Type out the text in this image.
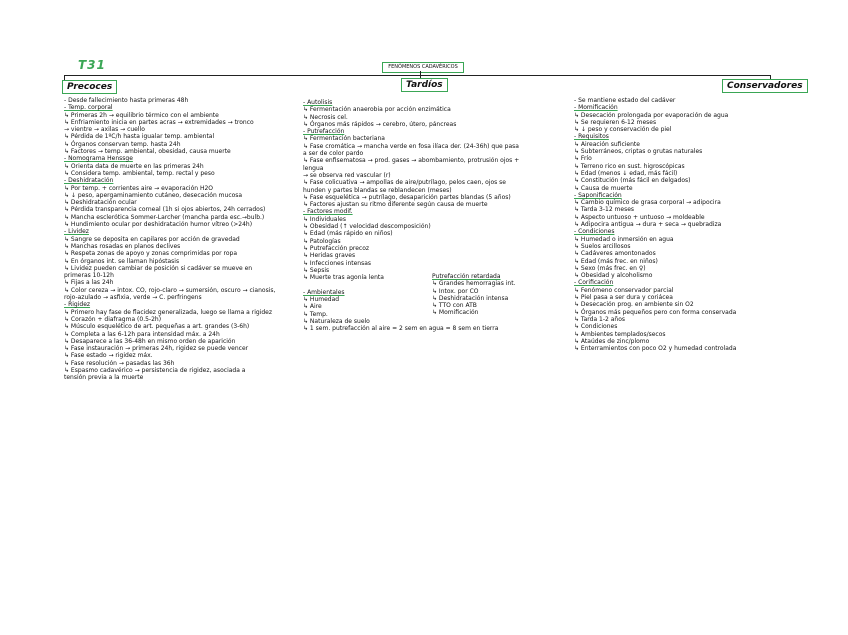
T31	FENÓMENOS CADAVÉRICOS
Precoces	Tardíos	Conservadores
- Desde fallecimiento hasta primeras 48h
- Temp. corporal
↳ Primeras 2h → equilibrio térmico con el ambiente
↳ Enfriamiento inicia en partes acras → extremidades → tronco
→ vientre → axilas → cuello
↳ Pérdida de 1ºC/h hasta igualar temp. ambiental
↳ Órganos conservan temp. hasta 24h
↳ Factores → temp. ambiental, obesidad, causa muerte
- Nomograma Henssge
↳ Orienta data de muerte en las primeras 24h
↳ Considera temp. ambiental, temp. rectal y peso
- Deshidratación
↳ Por temp. + corrientes aire → evaporación H2O
↳ ↓ peso, apergaminamiento cutáneo, desecación mucosa
↳ Deshidratación ocular
↳ Pérdida transparencia corneal (1h si ojos abiertos, 24h cerrados)
↳ Mancha esclerótica Sommer-Larcher (mancha parda esc.→bulb.)
↳ Hundimiento ocular por deshidratación humor vítreo (>24h)
- Lividez
↳ Sangre se deposita en capilares por acción de gravedad
↳ Manchas rosadas en planos declives
↳ Respeta zonas de apoyo y zonas comprimidas por ropa
↳ En órganos int. se llaman hipóstasis
↳ Lividez pueden cambiar de posición si cadáver se mueve en
primeras 10-12h
↳ Fijas a las 24h
↳ Color cereza → intox. CO, rojo-claro → sumersión, oscuro → cianosis,
rojo-azulado → asfixia, verde → C. perfringens
- Rigidez
↳ Primero hay fase de flacidez generalizada, luego se llama a rigidez
↳ Corazón + diafragma (0.5-2h)
↳ Músculo esquelético de art. pequeñas a art. grandes (3-6h)
↳ Completa a las 6-12h para intensidad máx. a 24h
↳ Desaparece a las 36-48h en mismo orden de aparición
↳ Fase instauración → primeras 24h, rigidez se puede vencer
↳ Fase estado → rigidez máx.
↳ Fase resolución → pasadas las 36h
↳ Espasmo cadavérico → persistencia de rigidez, asociada a
tensión previa a la muerte
- Autolisis
↳ Fermentación anaerobia por acción enzimática
↳ Necrosis cel.
↳ Órganos más rápidos → cerebro, útero, páncreas
- Putrefacción
↳ Fermentación bacteriana
↳ Fase cromática → mancha verde en fosa ilíaca der. (24-36h) que pasa
a ser de color pardo
↳ Fase enfisematosa → prod. gases → abombamiento, protrusión ojos +
lengua
→ se observa red vascular (r)
↳ Fase colicuativa → ampollas de aire/putrílago, pelos caen, ojos se
hunden y partes blandas se reblandecen (meses)
↳ Fase esquelética → putrílago, desaparición partes blandas (5 años)
↳ Factores ajustan su ritmo diferente según causa de muerte
- Factores modif.
↳ Individuales
↳ Obesidad (↑ velocidad descomposición)
↳ Edad (más rápido en niños)
↳ Patologías
↳ Putrefacción precoz
↳ Heridas graves
↳ Infecciones intensas
↳ Sepsis
↳ Muerte tras agonía lenta

- Ambientales
↳ Humedad
↳ Aire
↳ Temp.
↳ Naturaleza de suelo
↳ 1 sem. putrefacción al aire = 2 sem en agua = 8 sem en tierra
Putrefacción retardada
↳ Grandes hemorragias int.
↳ Intox. por CO
↳ Deshidratación intensa
↳ TTO con ATB
↳ Momificación
- Se mantiene estado del cadáver
- Momificación
↳ Desecación prolongada por evaporación de agua
↳ Se requieren 6-12 meses
↳ ↓ peso y conservación de piel
- Requisitos
↳ Aireación suficiente
↳ Subterráneos, criptas o grutas naturales
↳ Frío
↳ Terreno rico en sust. higroscópicas
↳ Edad (menos ↓ edad, más fácil)
↳ Constitución (más fácil en delgados)
↳ Causa de muerte
- Saponificación
↳ Cambio químico de grasa corporal → adipocira
↳ Tarda 3-12 meses
↳ Aspecto untuoso + untuoso → moldeable
↳ Adipocira antigua → dura + seca → quebradiza
- Condiciones
↳ Humedad o inmersión en agua
↳ Suelos arcillosos
↳ Cadáveres amontonados
↳ Edad (más frec. en niños)
↳ Sexo (más frec. en ♀)
↳ Obesidad y alcoholismo
- Corificación
↳ Fenómeno conservador parcial
↳ Piel pasa a ser dura y coriácea
↳ Desecación prog. en ambiente sin O2
↳ Órganos más pequeños pero con forma conservada
↳ Tarda 1-2 años
↳ Condiciones
↳ Ambientes templados/secos
↳ Ataúdes de zinc/plomo
↳ Enterramientos con poco O2 y humedad controlada
